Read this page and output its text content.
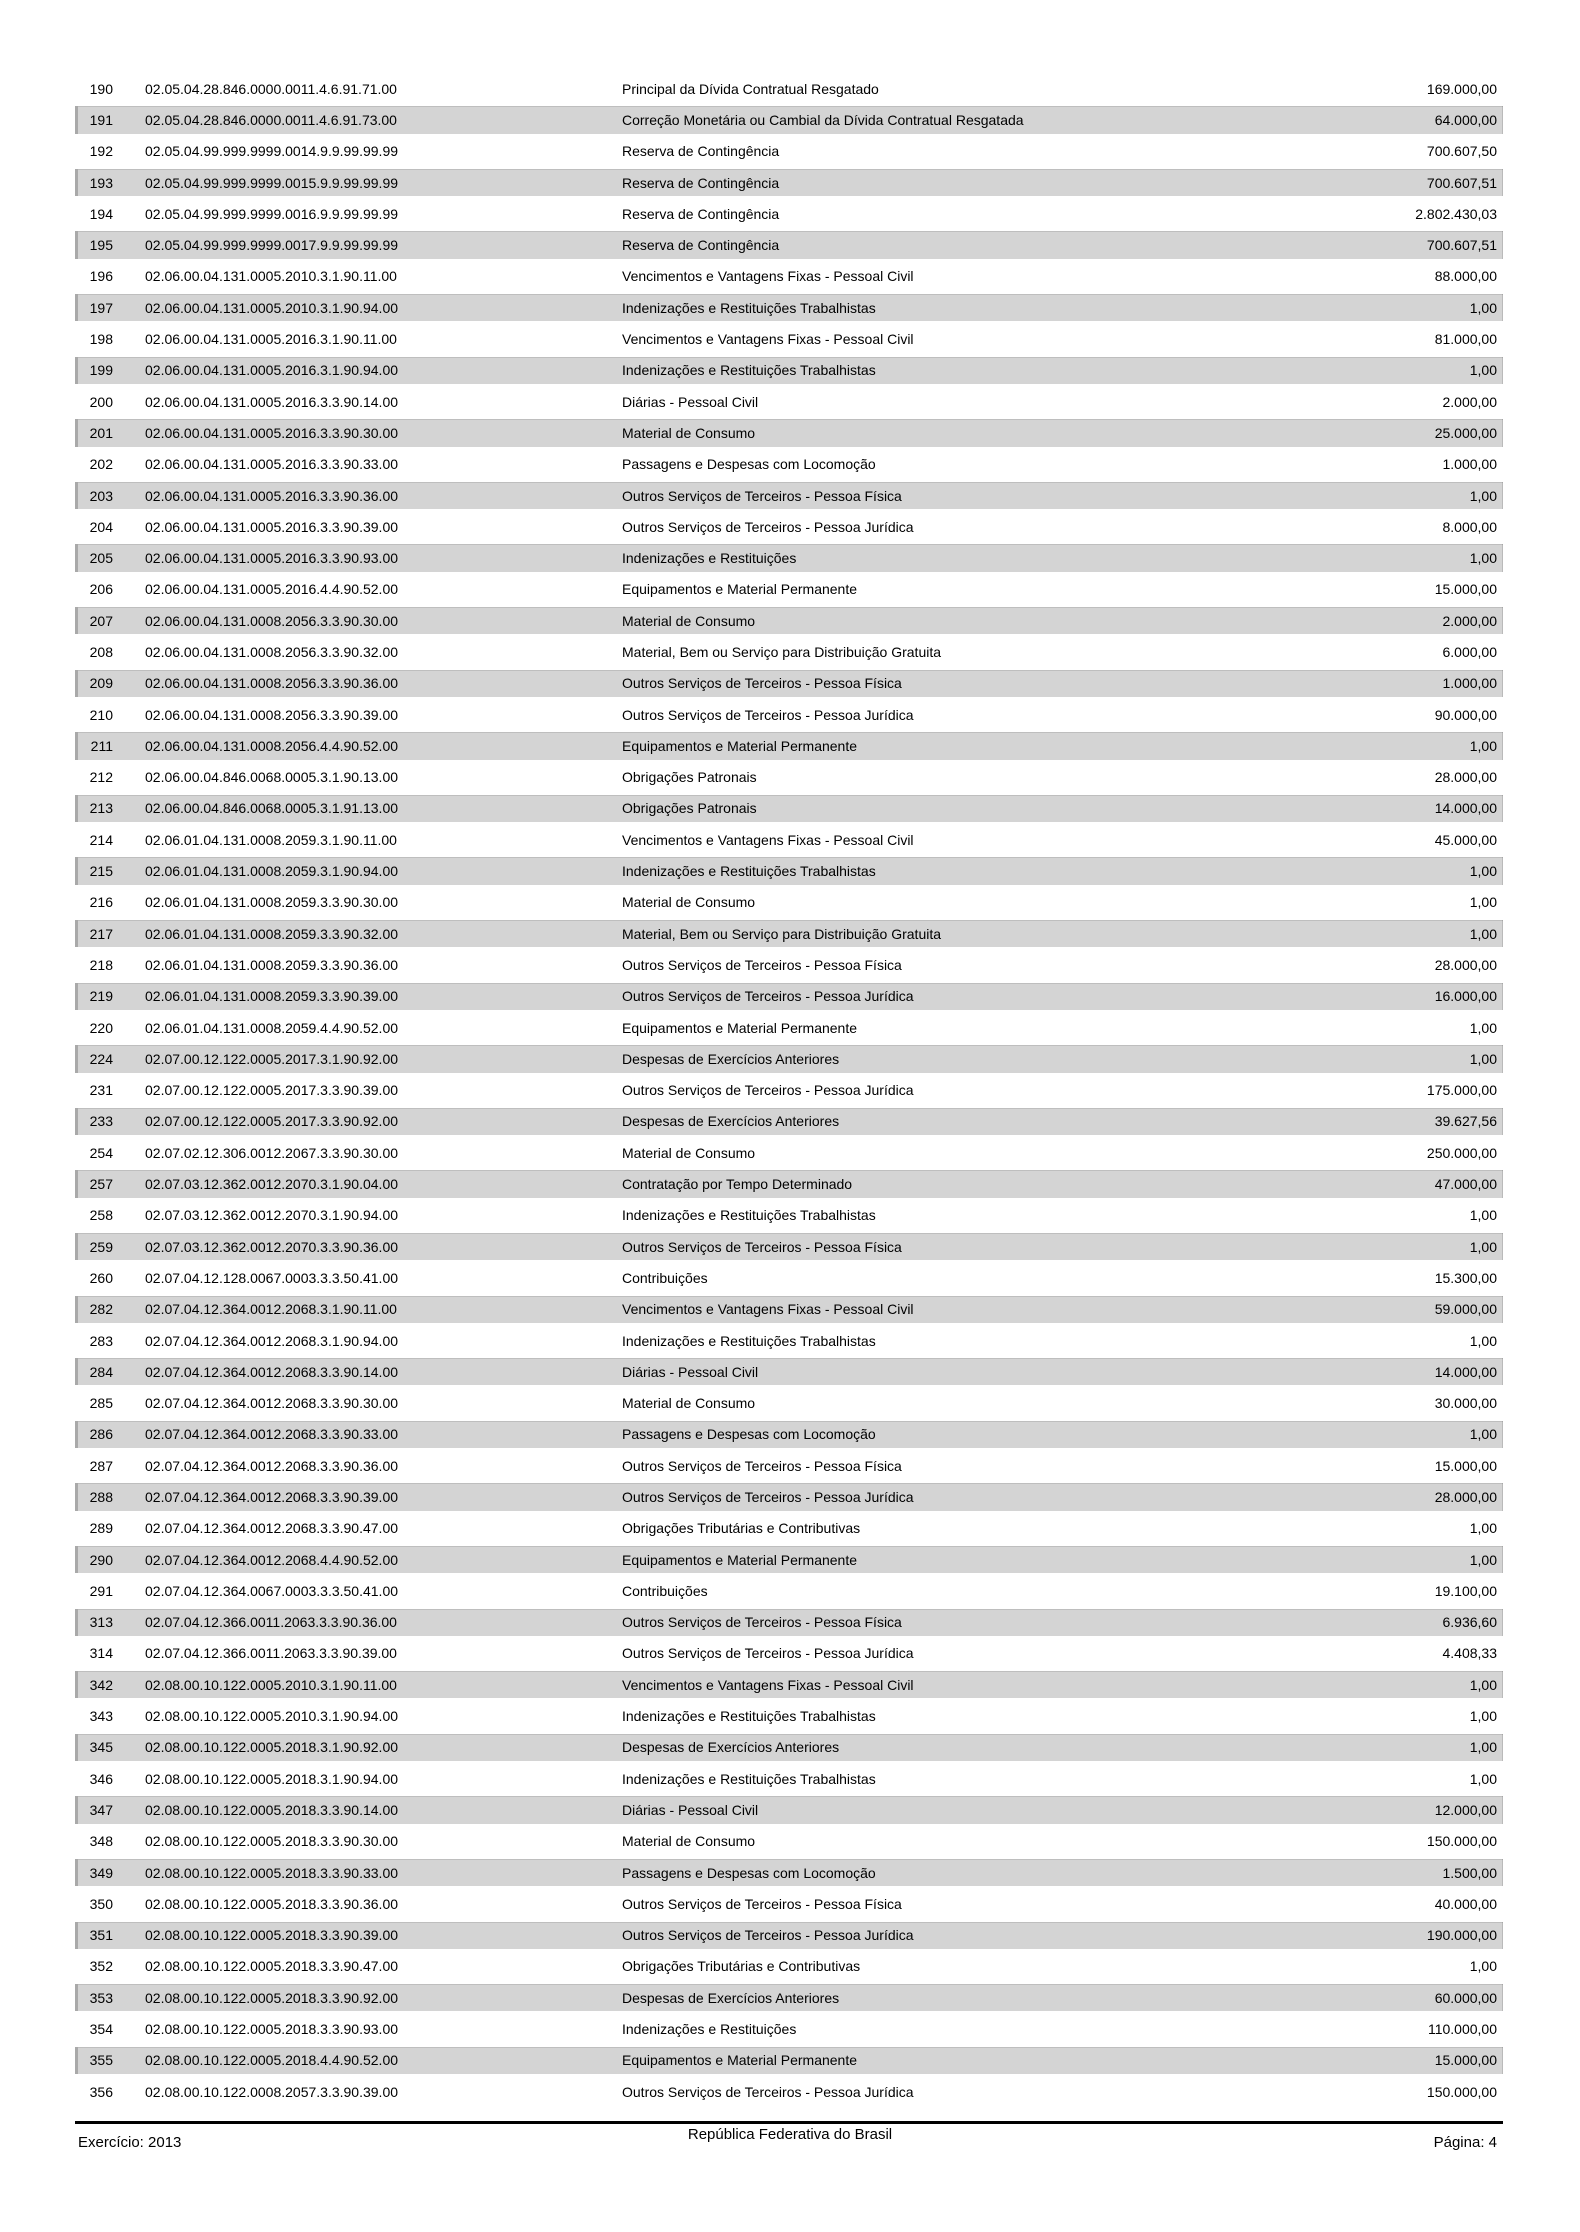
190 02.05.04.28.846.0000.0011.4.6.91.71.00	Principal da Dívida Contratual Resgatado	169.000,00
191 02.05.04.28.846.0000.0011.4.6.91.73.00	Correção Monetária ou Cambial da Dívida Contratual Resgatada	64.000,00
192 02.05.04.99.999.9999.0014.9.9.99.99.99	Reserva de Contingência	700.607,50
193 02.05.04.99.999.9999.0015.9.9.99.99.99	Reserva de Contingência	700.607,51
194 02.05.04.99.999.9999.0016.9.9.99.99.99	Reserva de Contingência	2.802.430,03
195 02.05.04.99.999.9999.0017.9.9.99.99.99	Reserva de Contingência	700.607,51
196 02.06.00.04.131.0005.2010.3.1.90.11.00	Vencimentos e Vantagens Fixas - Pessoal Civil	88.000,00
197 02.06.00.04.131.0005.2010.3.1.90.94.00	Indenizações e Restituições Trabalhistas	1,00
198 02.06.00.04.131.0005.2016.3.1.90.11.00	Vencimentos e Vantagens Fixas - Pessoal Civil	81.000,00
199 02.06.00.04.131.0005.2016.3.1.90.94.00	Indenizações e Restituições Trabalhistas	1,00
200 02.06.00.04.131.0005.2016.3.3.90.14.00	Diárias - Pessoal Civil	2.000,00
201 02.06.00.04.131.0005.2016.3.3.90.30.00	Material de Consumo	25.000,00
202 02.06.00.04.131.0005.2016.3.3.90.33.00	Passagens e Despesas com Locomoção	1.000,00
203 02.06.00.04.131.0005.2016.3.3.90.36.00	Outros Serviços de Terceiros - Pessoa Física	1,00
204 02.06.00.04.131.0005.2016.3.3.90.39.00	Outros Serviços de Terceiros - Pessoa Jurídica	8.000,00
205 02.06.00.04.131.0005.2016.3.3.90.93.00	Indenizações e Restituições	1,00
206 02.06.00.04.131.0005.2016.4.4.90.52.00	Equipamentos e Material Permanente	15.000,00
207 02.06.00.04.131.0008.2056.3.3.90.30.00	Material de Consumo	2.000,00
208 02.06.00.04.131.0008.2056.3.3.90.32.00	Material, Bem ou Serviço para Distribuição Gratuita	6.000,00
209 02.06.00.04.131.0008.2056.3.3.90.36.00	Outros Serviços de Terceiros - Pessoa Física	1.000,00
210 02.06.00.04.131.0008.2056.3.3.90.39.00	Outros Serviços de Terceiros - Pessoa Jurídica	90.000,00
211 02.06.00.04.131.0008.2056.4.4.90.52.00	Equipamentos e Material Permanente	1,00
212 02.06.00.04.846.0068.0005.3.1.90.13.00	Obrigações Patronais	28.000,00
213 02.06.00.04.846.0068.0005.3.1.91.13.00	Obrigações Patronais	14.000,00
214 02.06.01.04.131.0008.2059.3.1.90.11.00	Vencimentos e Vantagens Fixas - Pessoal Civil	45.000,00
215 02.06.01.04.131.0008.2059.3.1.90.94.00	Indenizações e Restituições Trabalhistas	1,00
216 02.06.01.04.131.0008.2059.3.3.90.30.00	Material de Consumo	1,00
217 02.06.01.04.131.0008.2059.3.3.90.32.00	Material, Bem ou Serviço para Distribuição Gratuita	1,00
218 02.06.01.04.131.0008.2059.3.3.90.36.00	Outros Serviços de Terceiros - Pessoa Física	28.000,00
219 02.06.01.04.131.0008.2059.3.3.90.39.00	Outros Serviços de Terceiros - Pessoa Jurídica	16.000,00
220 02.06.01.04.131.0008.2059.4.4.90.52.00	Equipamentos e Material Permanente	1,00
224 02.07.00.12.122.0005.2017.3.1.90.92.00	Despesas de Exercícios Anteriores	1,00
231 02.07.00.12.122.0005.2017.3.3.90.39.00	Outros Serviços de Terceiros - Pessoa Jurídica	175.000,00
233 02.07.00.12.122.0005.2017.3.3.90.92.00	Despesas de Exercícios Anteriores	39.627,56
254 02.07.02.12.306.0012.2067.3.3.90.30.00	Material de Consumo	250.000,00
257 02.07.03.12.362.0012.2070.3.1.90.04.00	Contratação por Tempo Determinado	47.000,00
258 02.07.03.12.362.0012.2070.3.1.90.94.00	Indenizações e Restituições Trabalhistas	1,00
259 02.07.03.12.362.0012.2070.3.3.90.36.00	Outros Serviços de Terceiros - Pessoa Física	1,00
260 02.07.04.12.128.0067.0003.3.3.50.41.00	Contribuições	15.300,00
282 02.07.04.12.364.0012.2068.3.1.90.11.00	Vencimentos e Vantagens Fixas - Pessoal Civil	59.000,00
283 02.07.04.12.364.0012.2068.3.1.90.94.00	Indenizações e Restituições Trabalhistas	1,00
284 02.07.04.12.364.0012.2068.3.3.90.14.00	Diárias - Pessoal Civil	14.000,00
285 02.07.04.12.364.0012.2068.3.3.90.30.00	Material de Consumo	30.000,00
286 02.07.04.12.364.0012.2068.3.3.90.33.00	Passagens e Despesas com Locomoção	1,00
287 02.07.04.12.364.0012.2068.3.3.90.36.00	Outros Serviços de Terceiros - Pessoa Física	15.000,00
288 02.07.04.12.364.0012.2068.3.3.90.39.00	Outros Serviços de Terceiros - Pessoa Jurídica	28.000,00
289 02.07.04.12.364.0012.2068.3.3.90.47.00	Obrigações Tributárias e Contributivas	1,00
290 02.07.04.12.364.0012.2068.4.4.90.52.00	Equipamentos e Material Permanente	1,00
291 02.07.04.12.364.0067.0003.3.3.50.41.00	Contribuições	19.100,00
313 02.07.04.12.366.0011.2063.3.3.90.36.00	Outros Serviços de Terceiros - Pessoa Física	6.936,60
314 02.07.04.12.366.0011.2063.3.3.90.39.00	Outros Serviços de Terceiros - Pessoa Jurídica	4.408,33
342 02.08.00.10.122.0005.2010.3.1.90.11.00	Vencimentos e Vantagens Fixas - Pessoal Civil	1,00
343 02.08.00.10.122.0005.2010.3.1.90.94.00	Indenizações e Restituições Trabalhistas	1,00
345 02.08.00.10.122.0005.2018.3.1.90.92.00	Despesas de Exercícios Anteriores	1,00
346 02.08.00.10.122.0005.2018.3.1.90.94.00	Indenizações e Restituições Trabalhistas	1,00
347 02.08.00.10.122.0005.2018.3.3.90.14.00	Diárias - Pessoal Civil	12.000,00
348 02.08.00.10.122.0005.2018.3.3.90.30.00	Material de Consumo	150.000,00
349 02.08.00.10.122.0005.2018.3.3.90.33.00	Passagens e Despesas com Locomoção	1.500,00
350 02.08.00.10.122.0005.2018.3.3.90.36.00	Outros Serviços de Terceiros - Pessoa Física	40.000,00
351 02.08.00.10.122.0005.2018.3.3.90.39.00	Outros Serviços de Terceiros - Pessoa Jurídica	190.000,00
352 02.08.00.10.122.0005.2018.3.3.90.47.00	Obrigações Tributárias e Contributivas	1,00
353 02.08.00.10.122.0005.2018.3.3.90.92.00	Despesas de Exercícios Anteriores	60.000,00
354 02.08.00.10.122.0005.2018.3.3.90.93.00	Indenizações e Restituições	110.000,00
355 02.08.00.10.122.0005.2018.4.4.90.52.00	Equipamentos e Material Permanente	15.000,00
356 02.08.00.10.122.0008.2057.3.3.90.39.00	Outros Serviços de Terceiros - Pessoa Jurídica	150.000,00
Exercício: 2013	República Federativa do Brasil	Página: 4
